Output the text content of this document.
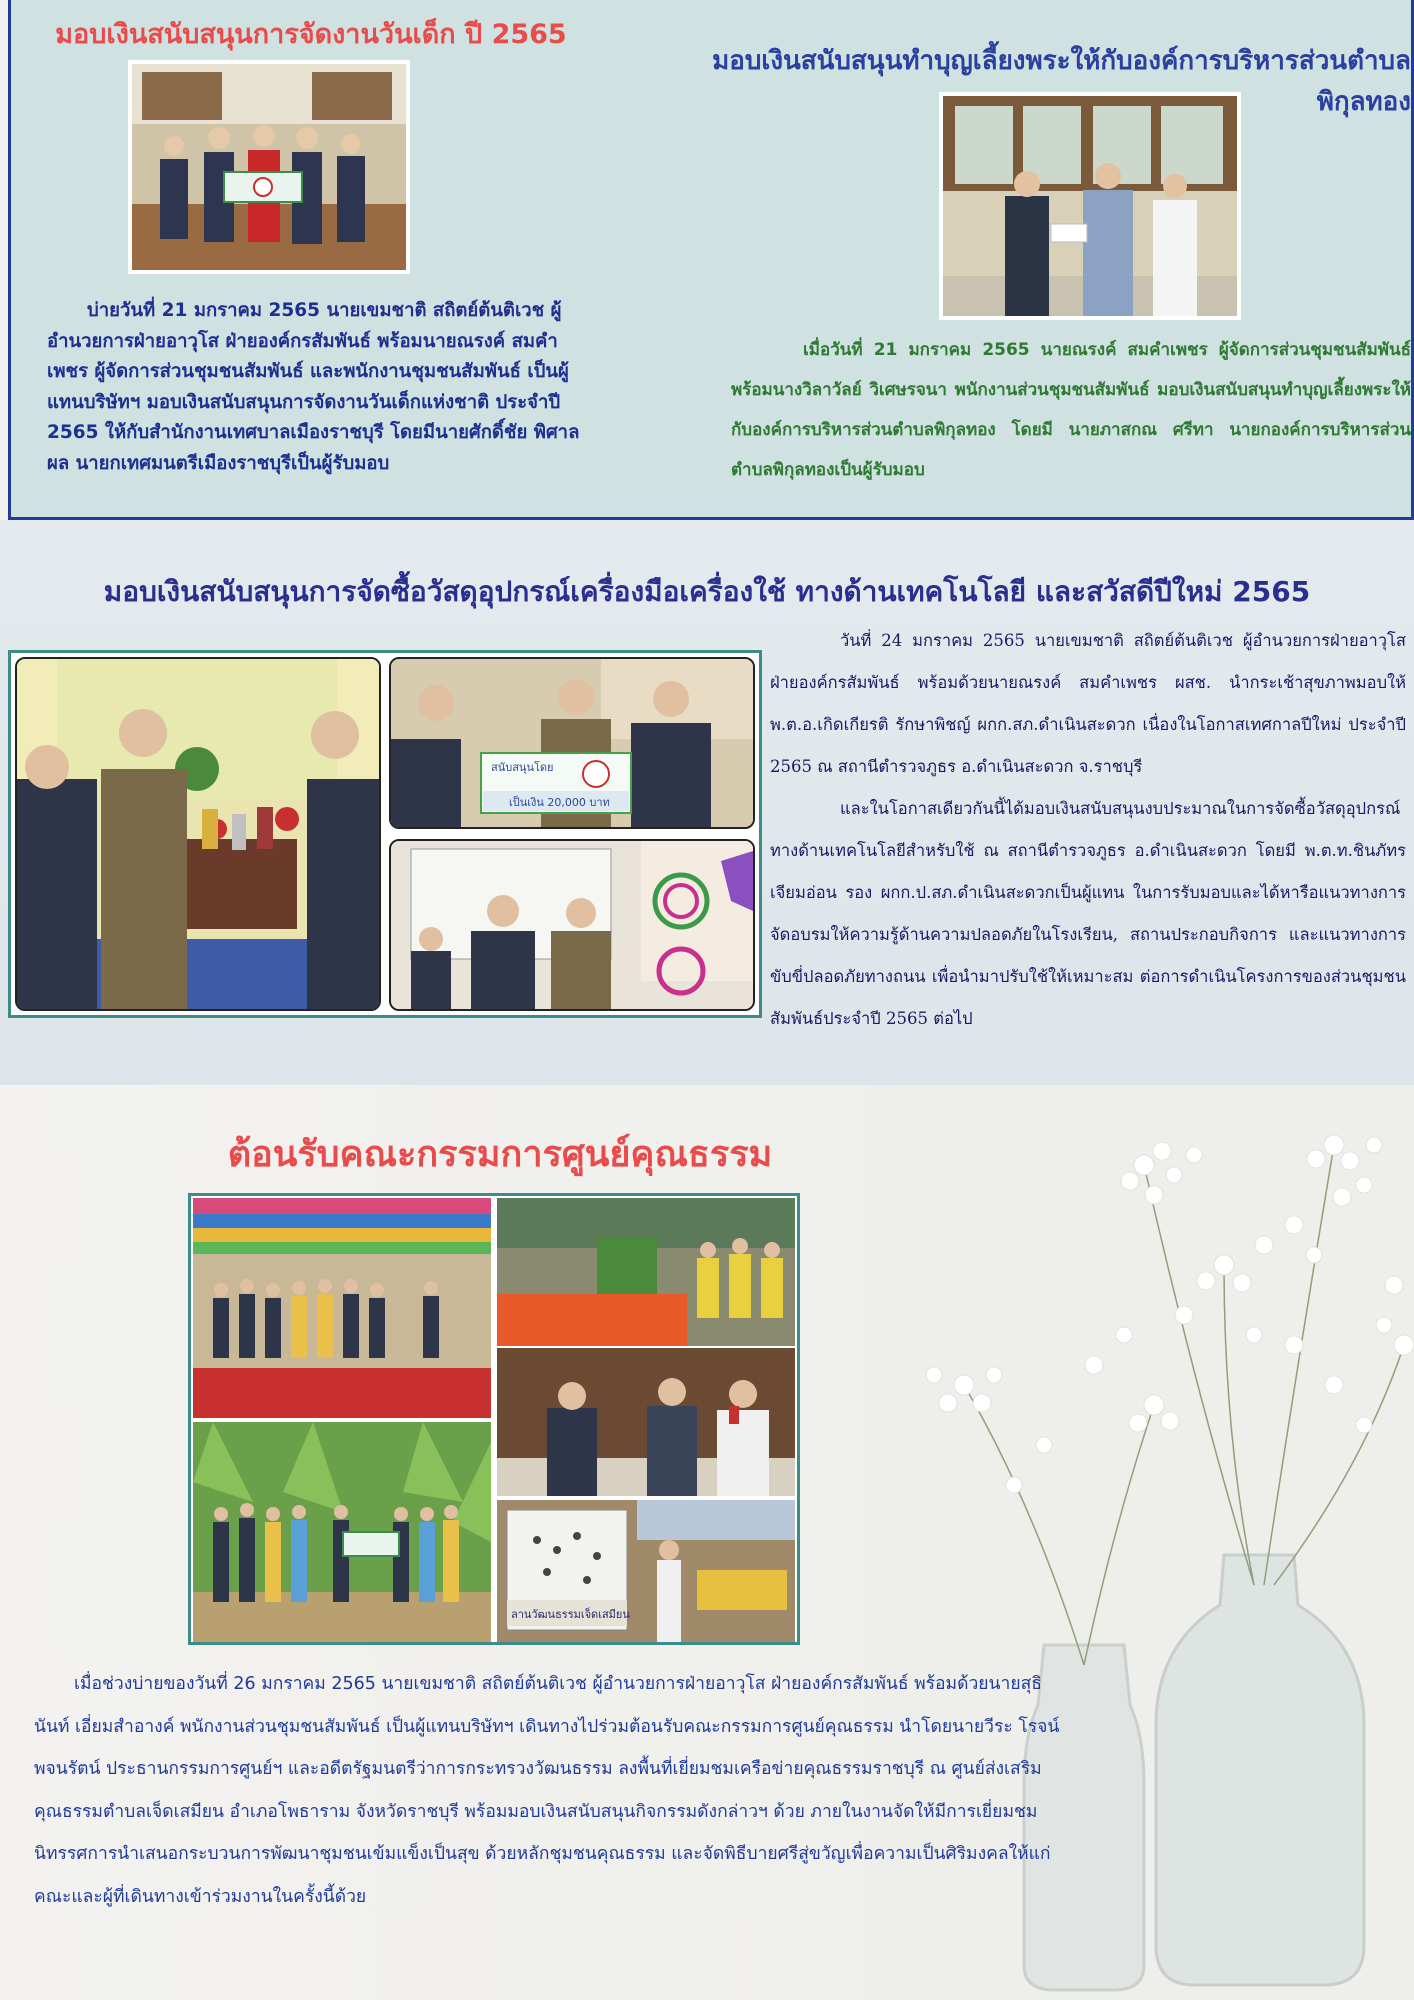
มอบเงินสนับสนุนการจัดงานวันเด็ก ปี 2565

บ่ายวันที่ 21 มกราคม 2565 นายเขมชาติ สถิตย์ต้นติเวช ผู้อำนวยการฝ่ายอาวุโส ฝ่ายองค์กรสัมพันธ์ พร้อมนายณรงค์ สมคำเพชร ผู้จัดการส่วนชุมชนสัมพันธ์ และพนักงานชุมชนสัมพันธ์ เป็นผู้แทนบริษัทฯ มอบเงินสนับสนุนการจัดงานวันเด็กแห่งชาติ ประจำปี 2565 ให้กับสำนักงานเทศบาลเมืองราชบุรี โดยมีนายศักดิ์ชัย พิศาลผล นายกเทศมนตรีเมืองราชบุรีเป็นผู้รับมอบ

มอบเงินสนับสนุนทำบุญเลี้ยงพระให้กับองค์การบริหารส่วนตำบลพิกุลทอง

เมื่อวันที่ 21 มกราคม 2565 นายณรงค์ สมคำเพชร ผู้จัดการส่วนชุมชนสัมพันธ์ พร้อมนางวิลาวัลย์ วิเศษรจนา พนักงานส่วนชุมชนสัมพันธ์ มอบเงินสนับสนุนทำบุญเลี้ยงพระให้กับองค์การบริหารส่วนตำบลพิกุลทอง โดยมี นายภาสกณ ศรีทา นายกองค์การบริหารส่วนตำบลพิกุลทองเป็นผู้รับมอบ

มอบเงินสนับสนุนการจัดซื้อวัสดุอุปกรณ์เครื่องมือเครื่องใช้ ทางด้านเทคโนโลยี และสวัสดีปีใหม่ 2565
สนับสนุนโดย
เป็นเงิน 20,000 บาท

วันที่ 24 มกราคม 2565 นายเขมชาติ สถิตย์ต้นติเวช ผู้อำนวยการฝ่ายอาวุโส ฝ่ายองค์กรสัมพันธ์ พร้อมด้วยนายณรงค์ สมคำเพชร ผสช. นำกระเช้าสุขภาพมอบให้ พ.ต.อ.เกิดเกียรติ รักษาพิชญ์ ผกก.สภ.ดำเนินสะดวก เนื่องในโอกาสเทศกาลปีใหม่ ประจำปี 2565 ณ สถานีตำรวจภูธร อ.ดำเนินสะดวก จ.ราชบุรี

และในโอกาสเดียวกันนี้ได้มอบเงินสนับสนุนงบประมาณในการจัดซื้อวัสดุอุปกรณ์ทางด้านเทคโนโลยีสำหรับใช้ ณ สถานีตำรวจภูธร อ.ดำเนินสะดวก โดยมี พ.ต.ท.ชินภัทร เจียมอ่อน รอง ผกก.ป.สภ.ดำเนินสะดวกเป็นผู้แทน ในการรับมอบและได้หารือแนวทางการจัดอบรมให้ความรู้ด้านความปลอดภัยในโรงเรียน, สถานประกอบกิจการ และแนวทางการขับขี่ปลอดภัยทางถนน เพื่อนำมาปรับใช้ให้เหมาะสม ต่อการดำเนินโครงการของส่วนชุมชนสัมพันธ์ประจำปี 2565 ต่อไป

ต้อนรับคณะกรรมการศูนย์คุณธรรม
ลานวัฒนธรรมเจ็ดเสมียน

เมื่อช่วงบ่ายของวันที่ 26 มกราคม 2565 นายเขมชาติ สถิตย์ต้นติเวช ผู้อำนวยการฝ่ายอาวุโส ฝ่ายองค์กรสัมพันธ์ พร้อมด้วยนายสุธินันท์ เอี่ยมสำอางค์ พนักงานส่วนชุมชนสัมพันธ์ เป็นผู้แทนบริษัทฯ เดินทางไปร่วมต้อนรับคณะกรรมการศูนย์คุณธรรม นำโดยนายวีระ โรจน์พจนรัตน์ ประธานกรรมการศูนย์ฯ และอดีตรัฐมนตรีว่าการกระทรวงวัฒนธรรม ลงพื้นที่เยี่ยมชมเครือข่ายคุณธรรมราชบุรี ณ ศูนย์ส่งเสริมคุณธรรมตำบลเจ็ดเสมียน อำเภอโพธาราม จังหวัดราชบุรี พร้อมมอบเงินสนับสนุนกิจกรรมดังกล่าวฯ ด้วย ภายในงานจัดให้มีการเยี่ยมชมนิทรรศการนำเสนอกระบวนการพัฒนาชุมชนเข้มแข็งเป็นสุข ด้วยหลักชุมชนคุณธรรม และจัดพิธีบายศรีสู่ขวัญเพื่อความเป็นศิริมงคลให้แก่คณะและผู้ที่เดินทางเข้าร่วมงานในครั้งนี้ด้วย
